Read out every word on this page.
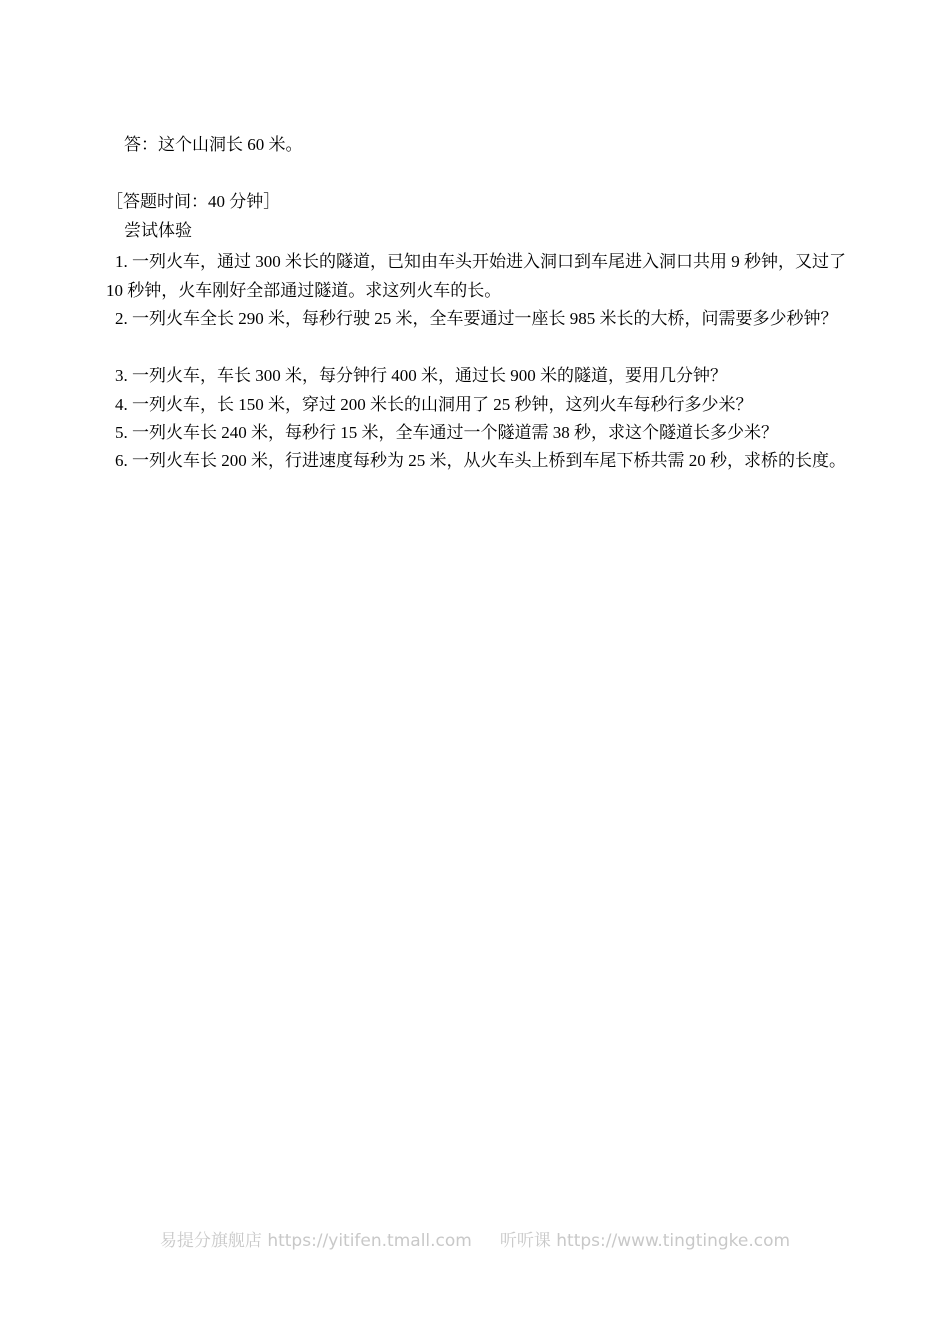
答：这个山洞长 60 米。
［答题时间：40 分钟］
尝试体验
1. 一列火车，通过 300 米长的隧道，已知由车头开始进入洞口到车尾进入洞口共用 9 秒钟，又过了 10 秒钟，火车刚好全部通过隧道。求这列火车的长。
2. 一列火车全长 290 米，每秒行驶 25 米，全车要通过一座长 985 米长的大桥，问需要多少秒钟？
3. 一列火车，车长 300 米，每分钟行 400 米，通过长 900 米的隧道，要用几分钟？
4. 一列火车，长 150 米，穿过 200 米长的山洞用了 25 秒钟，这列火车每秒行多少米？
5. 一列火车长 240 米，每秒行 15 米，全车通过一个隧道需 38 秒，求这个隧道长多少米？
6. 一列火车长 200 米，行进速度每秒为 25 米，从火车头上桥到车尾下桥共需 20 秒，求桥的长度。
易提分旗舰店 https://yitifen.tmall.com 听听课 https://www.tingtingke.com
